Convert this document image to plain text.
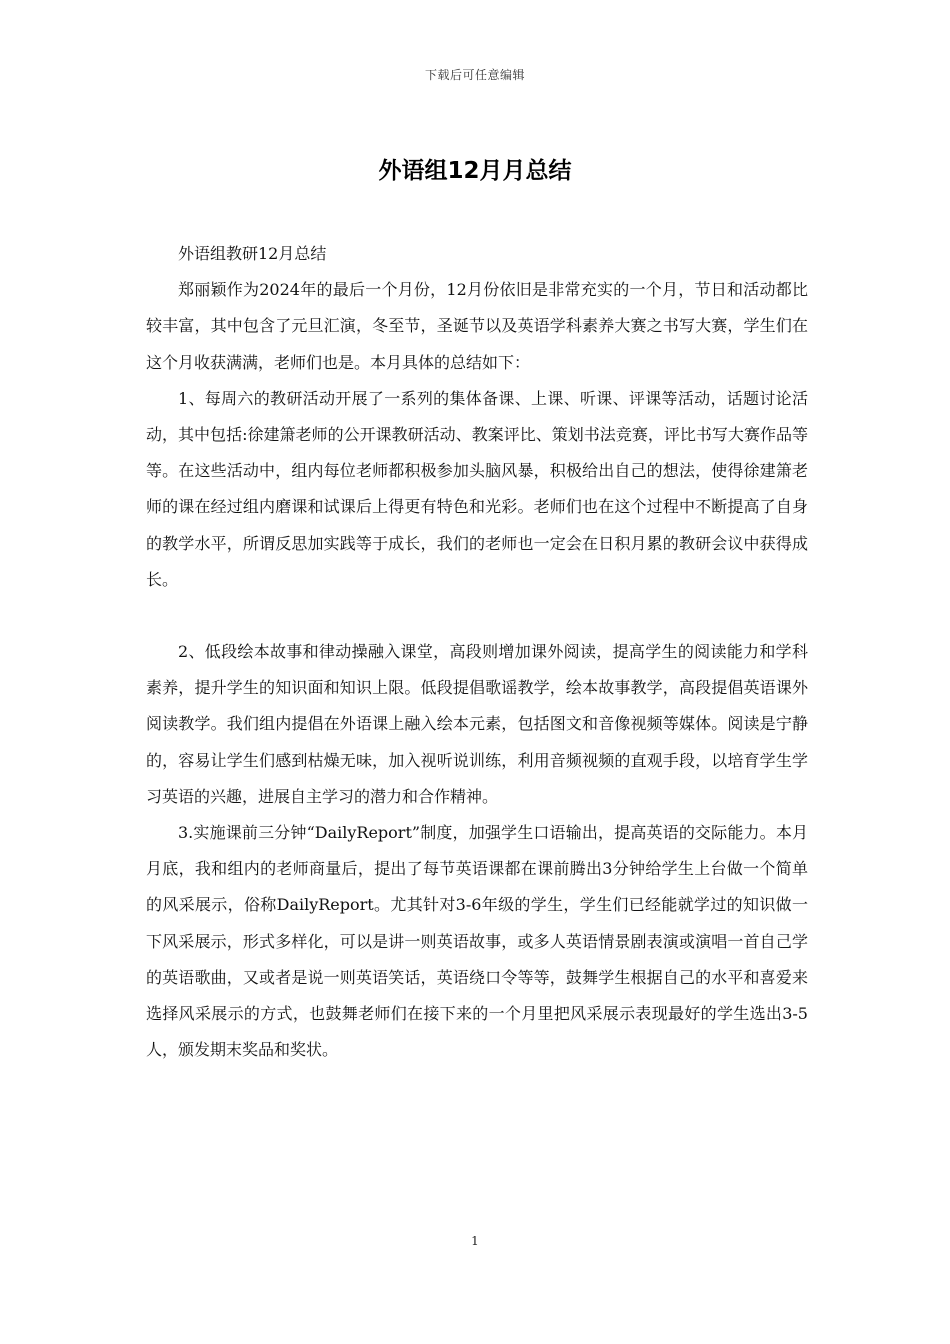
下载后可任意编辑
外语组12月月总结

外语组教研12月总结

郑丽颖作为2024年的最后一个月份，12月份依旧是非常充实的一个月，节日和活动都比较丰富，其中包含了元旦汇演，冬至节，圣诞节以及英语学科素养大赛之书写大赛，学生们在这个月收获满满，老师们也是。本月具体的总结如下：

1、每周六的教研活动开展了一系列的集体备课、上课、听课、评课等活动，话题讨论活动，其中包括:徐建箫老师的公开课教研活动、教案评比、策划书法竞赛，评比书写大赛作品等等。在这些活动中，组内每位老师都积极参加头脑风暴，积极给出自己的想法，使得徐建箫老师的课在经过组内磨课和试课后上得更有特色和光彩。老师们也在这个过程中不断提高了自身的教学水平，所谓反思加实践等于成长，我们的老师也一定会在日积月累的教研会议中获得成长。

2、低段绘本故事和律动操融入课堂，高段则增加课外阅读，提高学生的阅读能力和学科素养，提升学生的知识面和知识上限。低段提倡歌谣教学，绘本故事教学，高段提倡英语课外阅读教学。我们组内提倡在外语课上融入绘本元素，包括图文和音像视频等媒体。阅读是宁静的，容易让学生们感到枯燥无味，加入视听说训练，利用音频视频的直观手段，以培育学生学习英语的兴趣，进展自主学习的潜力和合作精神。

3.实施课前三分钟“DailyReport”制度，加强学生口语输出，提高英语的交际能力。本月月底，我和组内的老师商量后，提出了每节英语课都在课前腾出3分钟给学生上台做一个简单的风采展示，俗称DailyReport。尤其针对3-6年级的学生，学生们已经能就学过的知识做一下风采展示，形式多样化，可以是讲一则英语故事，或多人英语情景剧表演或演唱一首自己学的英语歌曲，又或者是说一则英语笑话，英语绕口令等等，鼓舞学生根据自己的水平和喜爱来选择风采展示的方式，也鼓舞老师们在接下来的一个月里把风采展示表现最好的学生选出3-5人，颁发期末奖品和奖状。

1
